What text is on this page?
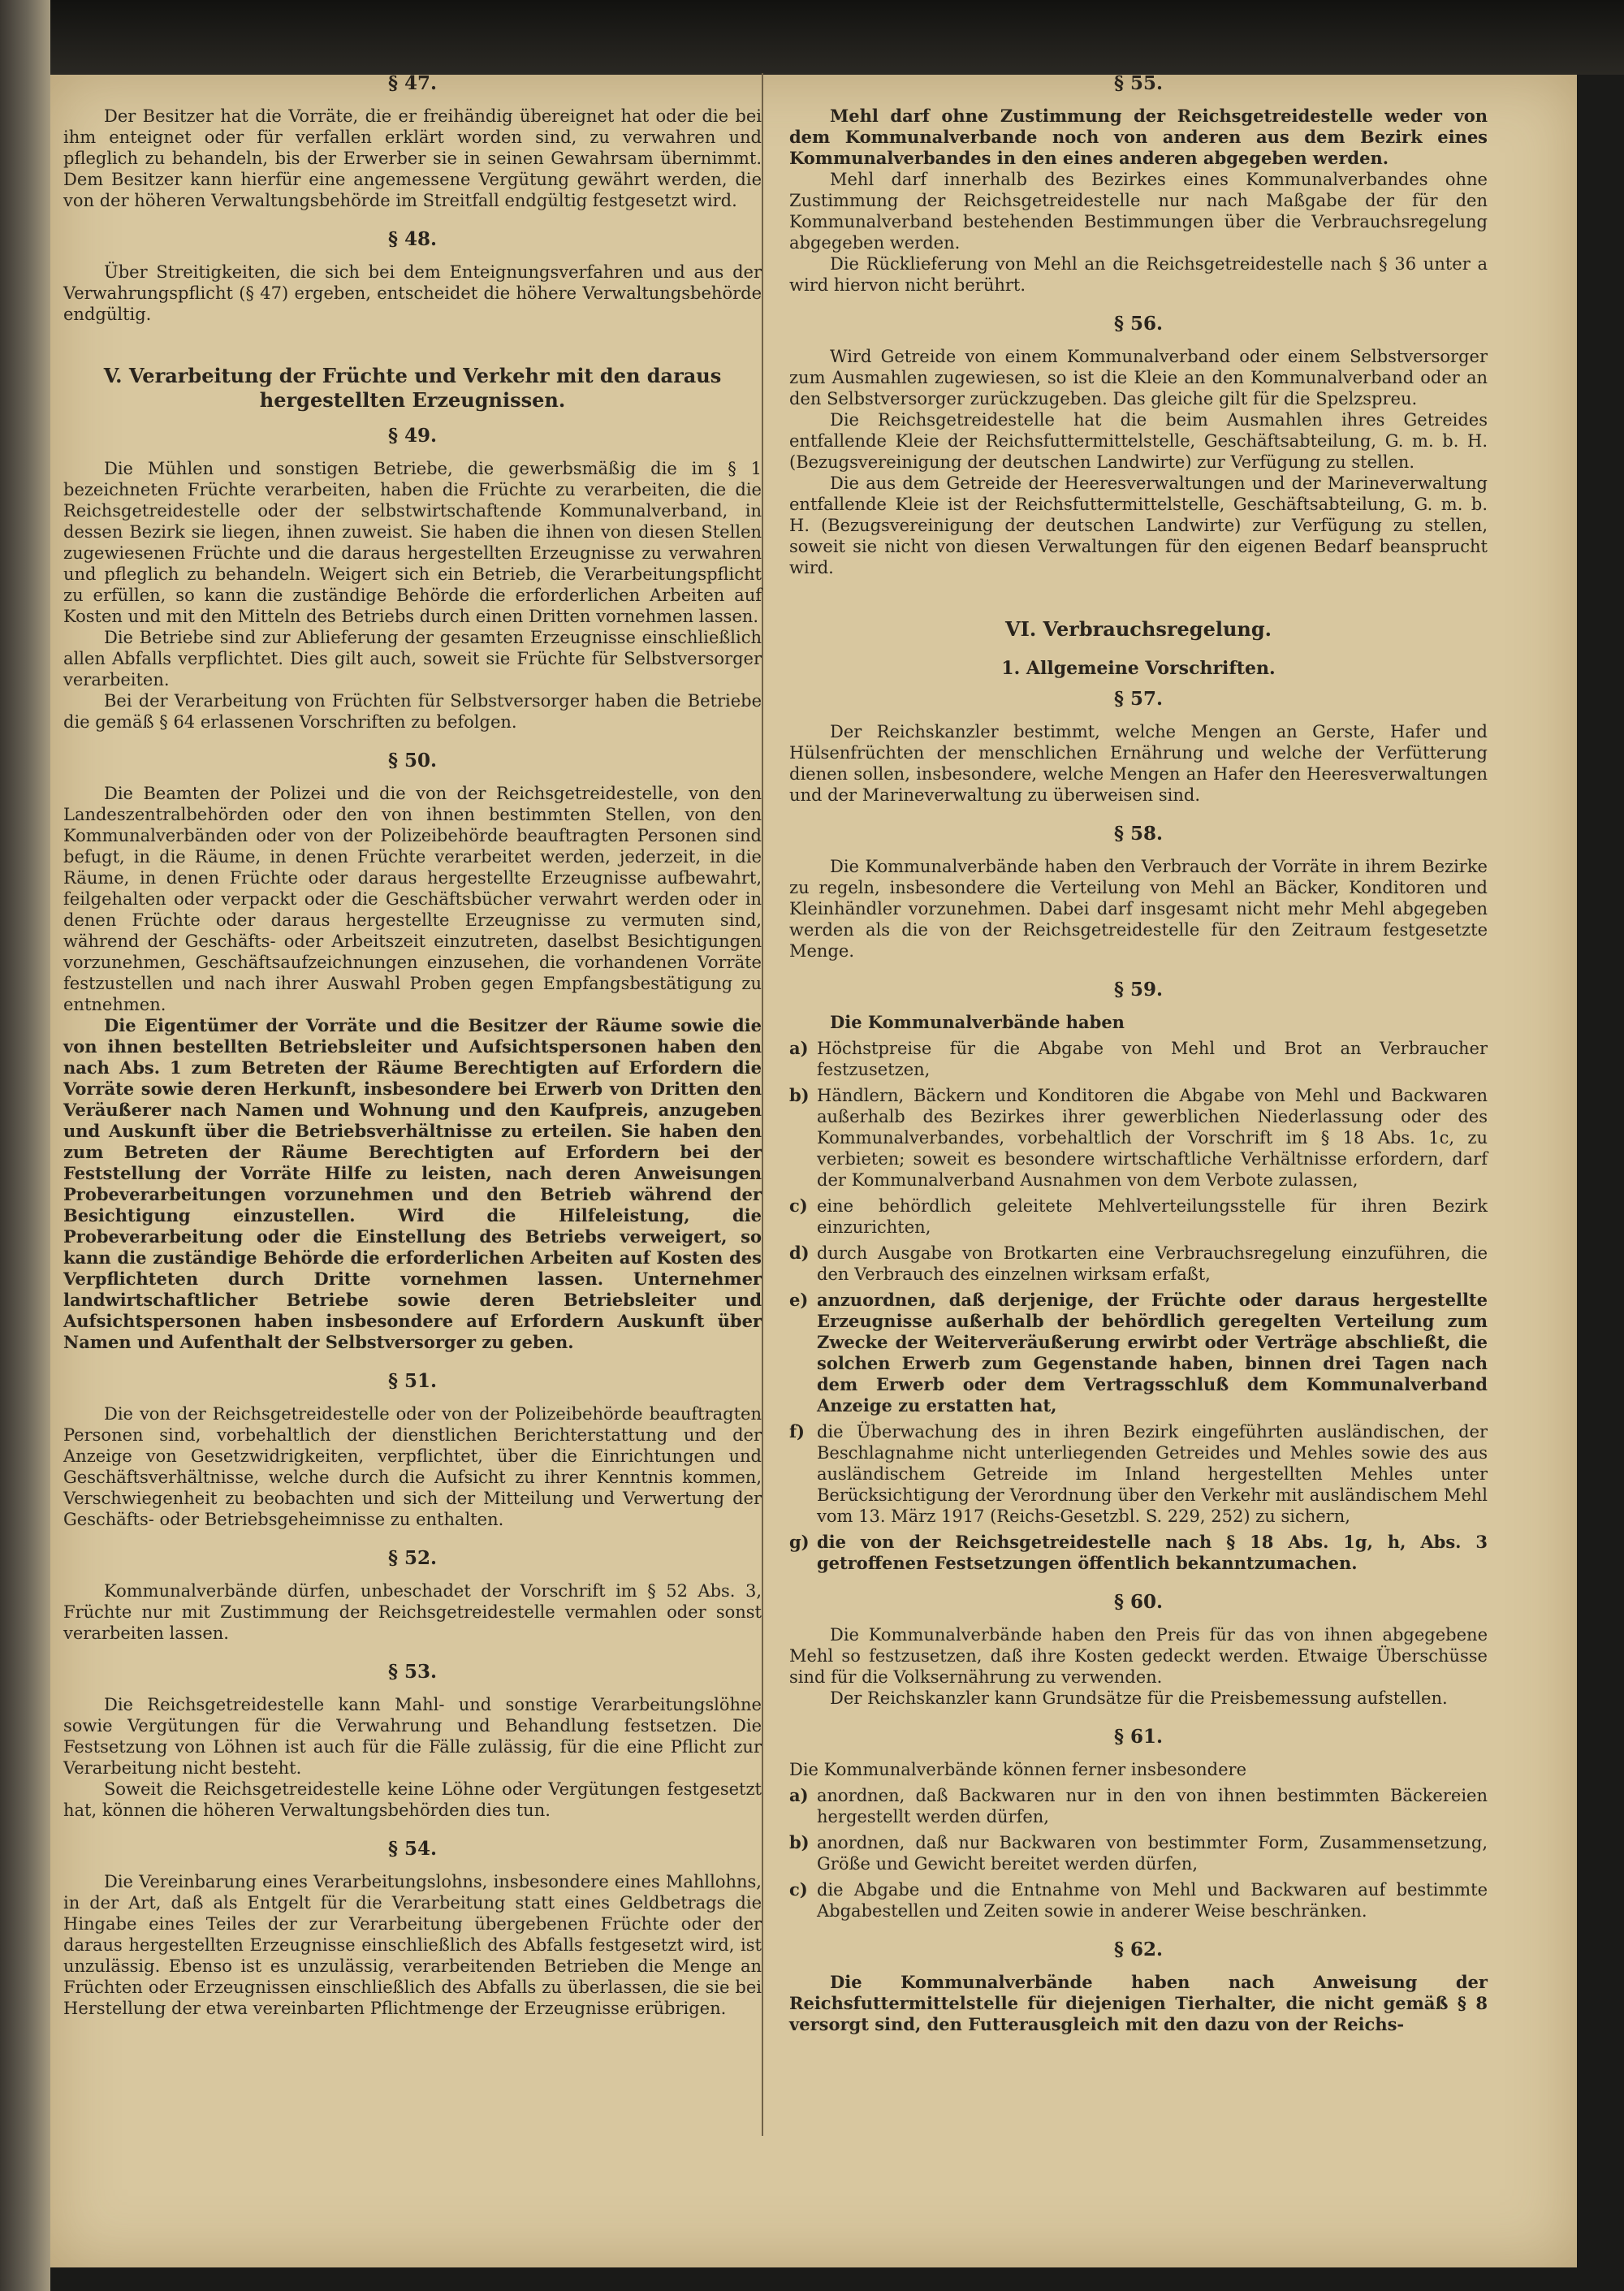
§ 47.

Der Besitzer hat die Vorräte, die er freihändig übereignet hat oder die bei ihm enteignet oder für verfallen erklärt worden sind, zu verwahren und pfleglich zu behandeln, bis der Erwerber sie in seinen Gewahrsam übernimmt. Dem Besitzer kann hierfür eine angemessene Vergütung gewährt werden, die von der höheren Verwaltungsbehörde im Streitfall endgültig festgesetzt wird.

§ 48.

Über Streitigkeiten, die sich bei dem Enteignungsverfahren und aus der Verwahrungspflicht (§ 47) ergeben, entscheidet die höhere Verwaltungsbehörde endgültig.

V. Verarbeitung der Früchte und Verkehr mit den daraus hergestellten Erzeugnissen.
§ 49.

Die Mühlen und sonstigen Betriebe, die gewerbsmäßig die im § 1 bezeichneten Früchte verarbeiten, haben die Früchte zu verarbeiten, die die Reichsgetreidestelle oder der selbstwirtschaftende Kommunalverband, in dessen Bezirk sie liegen, ihnen zuweist. Sie haben die ihnen von diesen Stellen zugewiesenen Früchte und die daraus hergestellten Erzeugnisse zu verwahren und pfleglich zu behandeln. Weigert sich ein Betrieb, die Verarbeitungspflicht zu erfüllen, so kann die zuständige Behörde die erforderlichen Arbeiten auf Kosten und mit den Mitteln des Betriebs durch einen Dritten vornehmen lassen.

Die Betriebe sind zur Ablieferung der gesamten Erzeugnisse einschließlich allen Abfalls verpflichtet. Dies gilt auch, soweit sie Früchte für Selbstversorger verarbeiten.

Bei der Verarbeitung von Früchten für Selbstversorger haben die Betriebe die gemäß § 64 erlassenen Vorschriften zu befolgen.

§ 50.

Die Beamten der Polizei und die von der Reichsgetreidestelle, von den Landeszentralbehörden oder den von ihnen bestimmten Stellen, von den Kommunalverbänden oder von der Polizeibehörde beauftragten Personen sind befugt, in die Räume, in denen Früchte verarbeitet werden, jederzeit, in die Räume, in denen Früchte oder daraus hergestellte Erzeugnisse aufbewahrt, feilgehalten oder verpackt oder die Geschäftsbücher verwahrt werden oder in denen Früchte oder daraus hergestellte Erzeugnisse zu vermuten sind, während der Geschäfts- oder Arbeitszeit einzutreten, daselbst Besichtigungen vorzunehmen, Geschäftsaufzeichnungen einzusehen, die vorhandenen Vorräte festzustellen und nach ihrer Auswahl Proben gegen Empfangsbestätigung zu entnehmen.

Die Eigentümer der Vorräte und die Besitzer der Räume sowie die von ihnen bestellten Betriebsleiter und Aufsichtspersonen haben den nach Abs. 1 zum Betreten der Räume Berechtigten auf Erfordern die Vorräte sowie deren Herkunft, insbesondere bei Erwerb von Dritten den Veräußerer nach Namen und Wohnung und den Kaufpreis, anzugeben und Auskunft über die Betriebsverhältnisse zu erteilen. Sie haben den zum Betreten der Räume Berechtigten auf Erfordern bei der Feststellung der Vorräte Hilfe zu leisten, nach deren Anweisungen Probeverarbeitungen vorzunehmen und den Betrieb während der Besichtigung einzustellen. Wird die Hilfeleistung, die Probeverarbeitung oder die Einstellung des Betriebs verweigert, so kann die zuständige Behörde die erforderlichen Arbeiten auf Kosten des Verpflichteten durch Dritte vornehmen lassen. Unternehmer landwirtschaftlicher Betriebe sowie deren Betriebsleiter und Aufsichtspersonen haben insbesondere auf Erfordern Auskunft über Namen und Aufenthalt der Selbstversorger zu geben.

§ 51.

Die von der Reichsgetreidestelle oder von der Polizeibehörde beauftragten Personen sind, vorbehaltlich der dienstlichen Berichterstattung und der Anzeige von Gesetzwidrigkeiten, verpflichtet, über die Einrichtungen und Geschäftsverhältnisse, welche durch die Aufsicht zu ihrer Kenntnis kommen, Verschwiegenheit zu beobachten und sich der Mitteilung und Verwertung der Geschäfts- oder Betriebsgeheimnisse zu enthalten.

§ 52.

Kommunalverbände dürfen, unbeschadet der Vorschrift im § 52 Abs. 3, Früchte nur mit Zustimmung der Reichsgetreidestelle vermahlen oder sonst verarbeiten lassen.

§ 53.

Die Reichsgetreidestelle kann Mahl- und sonstige Verarbeitungslöhne sowie Vergütungen für die Verwahrung und Behandlung festsetzen. Die Festsetzung von Löhnen ist auch für die Fälle zulässig, für die eine Pflicht zur Verarbeitung nicht besteht.

Soweit die Reichsgetreidestelle keine Löhne oder Vergütungen festgesetzt hat, können die höheren Verwaltungsbehörden dies tun.

§ 54.

Die Vereinbarung eines Verarbeitungslohns, insbesondere eines Mahllohns, in der Art, daß als Entgelt für die Verarbeitung statt eines Geldbetrags die Hingabe eines Teiles der zur Verarbeitung übergebenen Früchte oder der daraus hergestellten Erzeugnisse einschließlich des Abfalls festgesetzt wird, ist unzulässig. Ebenso ist es unzulässig, verarbeitenden Betrieben die Menge an Früchten oder Erzeugnissen einschließlich des Abfalls zu überlassen, die sie bei Herstellung der etwa vereinbarten Pflichtmenge der Erzeugnisse erübrigen.

§ 55.

Mehl darf ohne Zustimmung der Reichsgetreidestelle weder von dem Kommunalverbande noch von anderen aus dem Bezirk eines Kommunalverbandes in den eines anderen abgegeben werden.

Mehl darf innerhalb des Bezirkes eines Kommunalverbandes ohne Zustimmung der Reichsgetreidestelle nur nach Maßgabe der für den Kommunalverband bestehenden Bestimmungen über die Verbrauchsregelung abgegeben werden.

Die Rücklieferung von Mehl an die Reichsgetreidestelle nach § 36 unter a wird hiervon nicht berührt.

§ 56.

Wird Getreide von einem Kommunalverband oder einem Selbstversorger zum Ausmahlen zugewiesen, so ist die Kleie an den Kommunalverband oder an den Selbstversorger zurückzugeben. Das gleiche gilt für die Spelzspreu.

Die Reichsgetreidestelle hat die beim Ausmahlen ihres Getreides entfallende Kleie der Reichsfuttermittelstelle, Geschäftsabteilung, G. m. b. H. (Bezugsvereinigung der deutschen Landwirte) zur Verfügung zu stellen.

Die aus dem Getreide der Heeresverwaltungen und der Marineverwaltung entfallende Kleie ist der Reichsfuttermittelstelle, Geschäftsabteilung, G. m. b. H. (Bezugsvereinigung der deutschen Landwirte) zur Verfügung zu stellen, soweit sie nicht von diesen Verwaltungen für den eigenen Bedarf beansprucht wird.

VI. Verbrauchsregelung.
1. Allgemeine Vorschriften.
§ 57.

Der Reichskanzler bestimmt, welche Mengen an Gerste, Hafer und Hülsenfrüchten der menschlichen Ernährung und welche der Verfütterung dienen sollen, insbesondere, welche Mengen an Hafer den Heeresverwaltungen und der Marineverwaltung zu überweisen sind.

§ 58.

Die Kommunalverbände haben den Verbrauch der Vorräte in ihrem Bezirke zu regeln, insbesondere die Verteilung von Mehl an Bäcker, Konditoren und Kleinhändler vorzunehmen. Dabei darf insgesamt nicht mehr Mehl abgegeben werden als die von der Reichsgetreidestelle für den Zeitraum festgesetzte Menge.

§ 59.

Die Kommunalverbände haben

a) Höchstpreise für die Abgabe von Mehl und Brot an Verbraucher festzusetzen,
b) Händlern, Bäckern und Konditoren die Abgabe von Mehl und Backwaren außerhalb des Bezirkes ihrer gewerblichen Niederlassung oder des Kommunalverbandes, vorbehaltlich der Vorschrift im § 18 Abs. 1c, zu verbieten; soweit es besondere wirtschaftliche Verhältnisse erfordern, darf der Kommunalverband Ausnahmen von dem Verbote zulassen,
c) eine behördlich geleitete Mehlverteilungsstelle für ihren Bezirk einzurichten,
d) durch Ausgabe von Brotkarten eine Verbrauchsregelung einzuführen, die den Verbrauch des einzelnen wirksam erfaßt,
e) anzuordnen, daß derjenige, der Früchte oder daraus hergestellte Erzeugnisse außerhalb der behördlich geregelten Verteilung zum Zwecke der Weiterveräußerung erwirbt oder Verträge abschließt, die solchen Erwerb zum Gegenstande haben, binnen drei Tagen nach dem Erwerb oder dem Vertragsschluß dem Kommunalverband Anzeige zu erstatten hat,
f) die Überwachung des in ihren Bezirk eingeführten ausländischen, der Beschlagnahme nicht unterliegenden Getreides und Mehles sowie des aus ausländischem Getreide im Inland hergestellten Mehles unter Berücksichtigung der Verordnung über den Verkehr mit ausländischem Mehl vom 13. März 1917 (Reichs-Gesetzbl. S. 229, 252) zu sichern,
g) die von der Reichsgetreidestelle nach § 18 Abs. 1g, h, Abs. 3 getroffenen Festsetzungen öffentlich bekanntzumachen.
§ 60.

Die Kommunalverbände haben den Preis für das von ihnen abgegebene Mehl so festzusetzen, daß ihre Kosten gedeckt werden. Etwaige Überschüsse sind für die Volksernährung zu verwenden.

Der Reichskanzler kann Grundsätze für die Preisbemessung aufstellen.

§ 61.

Die Kommunalverbände können ferner insbesondere

a) anordnen, daß Backwaren nur in den von ihnen bestimmten Bäckereien hergestellt werden dürfen,
b) anordnen, daß nur Backwaren von bestimmter Form, Zusammensetzung, Größe und Gewicht bereitet werden dürfen,
c) die Abgabe und die Entnahme von Mehl und Backwaren auf bestimmte Abgabestellen und Zeiten sowie in anderer Weise beschränken.
§ 62.

Die Kommunalverbände haben nach Anweisung der Reichsfuttermittelstelle für diejenigen Tierhalter, die nicht gemäß § 8 versorgt sind, den Futterausgleich mit den dazu von der Reichs-
